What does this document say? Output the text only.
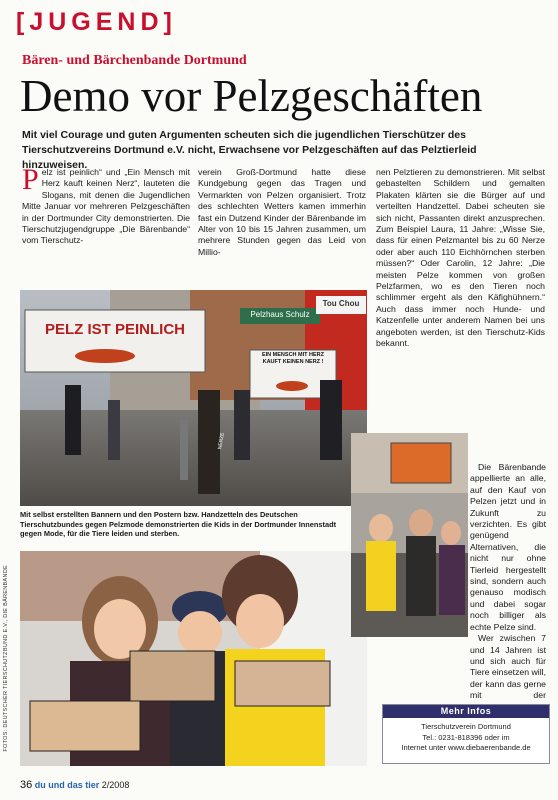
[JUGEND]
Bären- und Bärchenbande Dortmund
Demo vor Pelzgeschäften
Mit viel Courage und guten Argumenten scheuten sich die jugendlichen Tierschützer des Tierschutzvereins Dortmund e.V. nicht, Erwachsene vor Pelzgeschäften auf das Pelztierleid hinzuweisen.
P elz ist peinlich“ und „Ein Mensch mit Herz kauft keinen Nerz“, lauteten die Slogans, mit denen die Jugendlichen Mitte Januar vor mehreren Pelzgeschäften in der Dortmunder City demonstrierten. Die Tierschutzjugendgruppe „Die Bärenbande“ vom Tierschutz-
verein Groß-Dortmund hatte diese Kundgebung gegen das Tragen und Vermarkten von Pelzen organisiert. Trotz des schlechten Wetters kamen immerhin fast ein Dutzend Kinder der Bärenbande im Alter von 10 bis 15 Jahren zusammen, um mehrere Stunden gegen das Leid von Millio-
nen Pelztieren zu demonstrieren. Mit selbst gebastelten Schildern und gemalten Plakaten klärten sie die Bürger auf und verteilten Handzettel. Dabei scheuten sie sich nicht, Passanten direkt anzusprechen. Zum Beispiel Laura, 11 Jahre: „Wisse Sie, dass für einen Pelzmantel bis zu 60 Nerze oder aber auch 110 Eichhörnchen sterben müssen?“ Oder Carolin, 12 Jahre: „Die meisten Pelze kommen von großen Pelzfarmen, wo es den Tieren noch schlimmer ergeht als den Käfighühnern.“ Auch dass immer noch Hunde- und Katzenfelle unter anderem Namen bei uns angeboten werden, ist den Tierschutz-Kids bekannt.
Die Bärenbande appellierte an alle, auf den Kauf von Pelzen jetzt und in Zukunft zu verzichten. Es gibt genügend Alternativen, die nicht nur ohne Tierleid hergestellt sind, sondern auch genauso modisch und dabei sogar noch billiger als echte Pelze sind.
Wer zwischen 7 und 14 Jahren ist und sich auch für Tiere einsetzen will, der kann das gerne mit der
PELZ IST PEINLICH
EIN MENSCH MIT HERZ KAUFT KEINEN NERZ !
Pelzhaus Schulz
Tou Chou
NERZE
Mit selbst erstellten Bannern und den Postern bzw. Handzetteln des Deutschen Tierschutzbundes gegen Pelzmode demonstrierten die Kids in der Dortmunder Innenstadt gegen Mode, für die Tiere leiden und sterben.
FOTOS: DEUTSCHER TIERSCHUTZBUND E.V., DIE BÄRENBANDE	Mehr Infos
Tierschutzverein Dortmund
Tel.: 0231-818396 oder im
Internet unter www.diebaerenbande.de
36 du und das tier 2/2008
